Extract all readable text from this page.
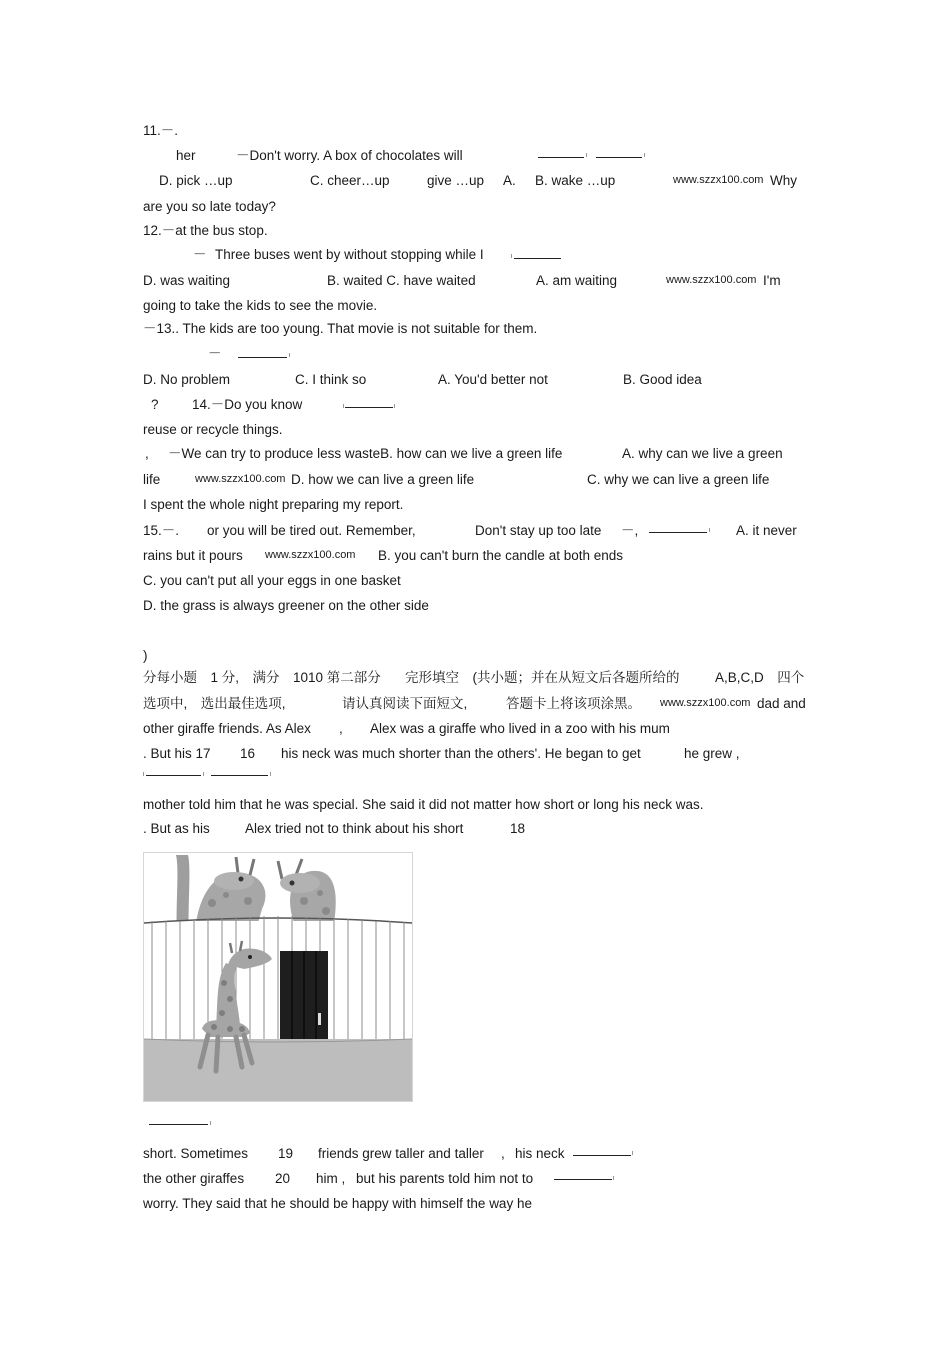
11.－.
her	－Don't worry. A box of chocolates will
D. pick …up	C. cheer…up	give …up A. B. wake …up	www.szzx100.com Why
are you so late today?
12.－at the bus stop.
－ Three buses went by without stopping while I
D. was waiting	B. waited C. have waited	A. am waiting	www.szzx100.com I'm
going to take the kids to see the movie.
－13.. The kids are too young. That movie is not suitable for them.
－
D. No problem	C. I think so	A. You'd better not	B. Good idea
? 14.－Do you know
reuse or recycle things.
, －We can try to produce less wasteB. how can we live a green life	A. why can we live a green
life	www.szzx100.com D. how we can live a green life	C. why we can live a green life
I spent the whole night preparing my report.
15.－. or you will be tired out. Remember,	Don't stay up too late －,	A. it never
rains but it pours www.szzx100.com B. you can't burn the candle at both ends
C. you can't put all your eggs in one basket
D. the grass is always greener on the other side
)
分每小题　1 分,　满分　1010 第二部分 完形填空　(共小题；并在从短文后各题所给的	A,B,C,D　四个
选项中,　选出最佳选项,	请认真阅读下面短文,	答题卡上将该项涂黑。 www.szzx100.com dad and
other giraffe friends. As Alex , Alex was a giraffe who lived in a zoo with his mum
. But his 17 16 his neck was much shorter than the others'. He began to get	he grew ,
mother told him that he was special. She said it did not matter how short or long his neck was.
. But as his	Alex tried not to think about his short	18
short. Sometimes 19 friends grew taller and taller , his neck
the other giraffes 20 him , but his parents told him not to
worry. They said that he should be happy with himself the way he
